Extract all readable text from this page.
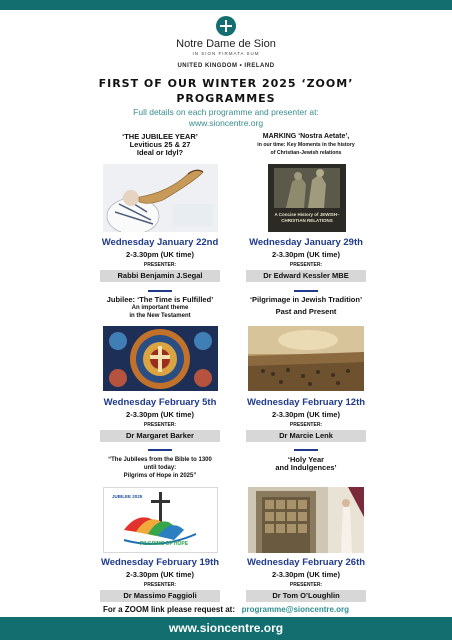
Notre Dame de Sion
IN SION FIRMATA SUM
UNITED KINGDOM • IRELAND
FIRST OF OUR WINTER 2025 ‘ZOOM’
PROGRAMMES
Full details on each programme and presenter at:
www.sioncentre.org
‘THE JUBILEE YEAR’
Leviticus 25 & 27
Ideal or Idyl?
Wednesday January 22nd
2-3.30pm (UK time)
PRESENTER:
Rabbi Benjamin J.Segal
MARKING ‘Nostra Aetate’,
in our time: Key Moments in the history
of Christian-Jewish relations
A Concise History of JEWISH–CHRISTIAN RELATIONS
Wednesday January 29th
2-3.30pm (UK time)
PRESENTER:
Dr Edward Kessler MBE
Jubilee: ‘The Time is Fulfilled’
An important theme
in the New Testament
Wednesday February 5th
2-3.30pm (UK time)
PRESENTER:
Dr Margaret Barker
‘Pilgrimage in Jewish Tradition’
Past and Present
Wednesday February 12th
2-3.30pm (UK time)
PRESENTER:
Dr Marcie Lenk
“The Jubilees from the Bible to 1300
until today:
Pilgrims of Hope in 2025”
JUBILEE 2025
PILGRIMS OF HOPE
Wednesday February 19th
2-3.30pm (UK time)
PRESENTER:
Dr Massimo Faggioli
‘Holy Year
and Indulgences’
Wednesday February 26th
2-3.30pm (UK time)
PRESENTER:
Dr Tom O’Loughlin
For a ZOOM link please request at: programme@sioncentre.org
www.sioncentre.org
